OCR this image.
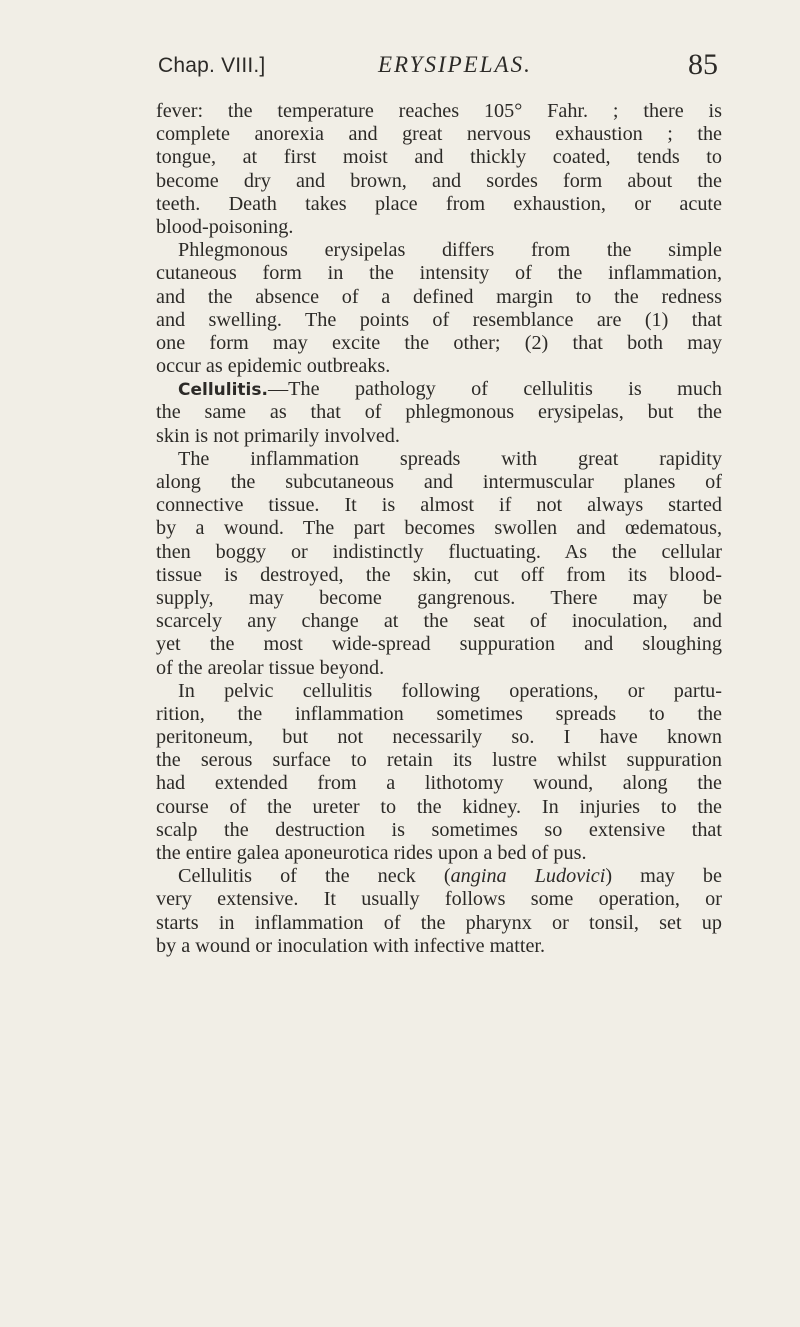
Chap. VIII.]	ERYSIPELAS.	85
fever: the temperature reaches 105° Fahr. ; there is
complete anorexia and great nervous exhaustion ; the
tongue, at first moist and thickly coated, tends to
become dry and brown, and sordes form about the
teeth. Death takes place from exhaustion, or acute
blood-poisoning.
Phlegmonous erysipelas differs from the simple
cutaneous form in the intensity of the inflammation,
and the absence of a defined margin to the redness
and swelling. The points of resemblance are (1) that
one form may excite the other; (2) that both may
occur as epidemic outbreaks.
Cellulitis.—The pathology of cellulitis is much
the same as that of phlegmonous erysipelas, but the
skin is not primarily involved.
The inflammation spreads with great rapidity
along the subcutaneous and intermuscular planes of
connective tissue. It is almost if not always started
by a wound. The part becomes swollen and œdematous,
then boggy or indistinctly fluctuating. As the cellular
tissue is destroyed, the skin, cut off from its blood-
supply, may become gangrenous. There may be
scarcely any change at the seat of inoculation, and
yet the most wide-spread suppuration and sloughing
of the areolar tissue beyond.
In pelvic cellulitis following operations, or partu-
rition, the inflammation sometimes spreads to the
peritoneum, but not necessarily so. I have known
the serous surface to retain its lustre whilst suppuration
had extended from a lithotomy wound, along the
course of the ureter to the kidney. In injuries to the
scalp the destruction is sometimes so extensive that
the entire galea aponeurotica rides upon a bed of pus.
Cellulitis of the neck (angina Ludovici) may be
very extensive. It usually follows some operation, or
starts in inflammation of the pharynx or tonsil, set up
by a wound or inoculation with infective matter.
